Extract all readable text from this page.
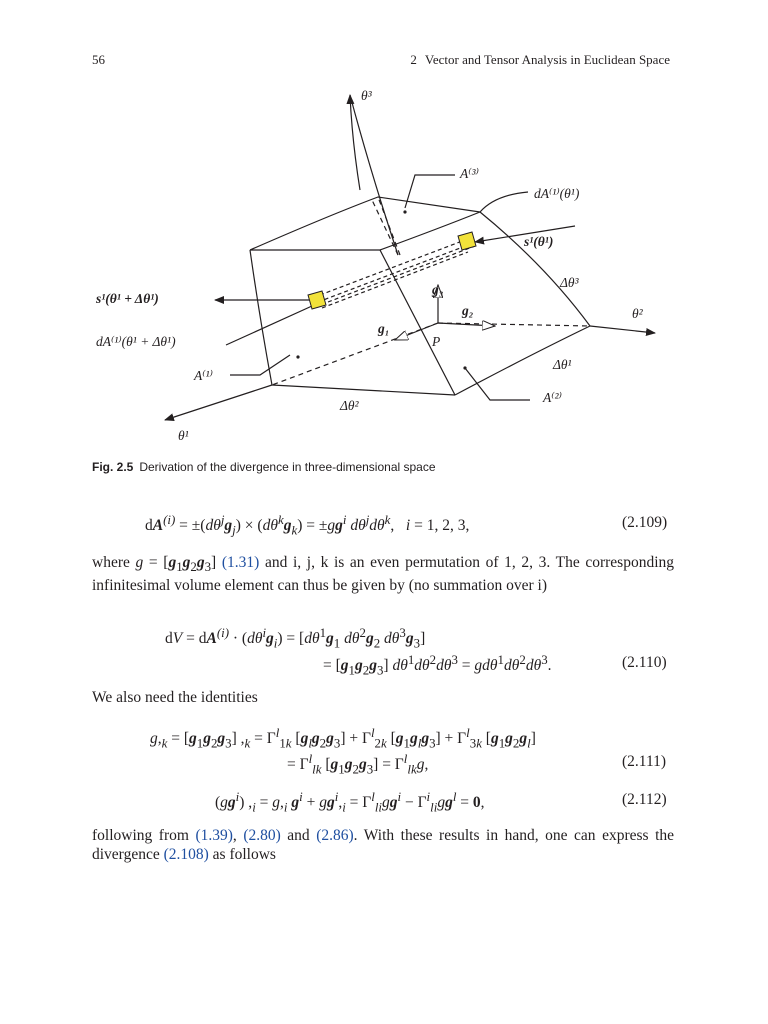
56	2 Vector and Tensor Analysis in Euclidean Space
θ³
A⁽³⁾
dA⁽¹⁾(θ¹)
s¹(θ¹)
Δθ³
s¹(θ¹ + Δθ¹)
g₃
g₂	θ²
g₁
dA⁽¹⁾(θ¹ + Δθ¹)	P
Δθ¹
A⁽¹⁾
A⁽²⁾
Δθ²
θ¹
Fig. 2.5 Derivation of the divergence in three-dimensional space
$dA^{(i)} = \pm(d\theta^jg_j) \times (d\theta^kg_k) = \pm gg^i$ $d\theta^jd\theta^k$,   i = 1, 2, 3,	(2.109)
where $g = [g_1g_2g_3]$ (1.31) and i, j, k is an even permutation of 1, 2, 3. The corresponding infinitesimal volume element can thus be given by (no summation over i)
dV = $dA^{(i)} \cdot (d\theta^ig_i) = [d\theta^1g_1$ $d\theta^2g_2$ $d\theta^3g_3$]
= $[g_1g_2g_3] d\theta^1d\theta^2d\theta^3 = gd\theta^1d\theta^2d\theta^3$.	(2.110)
We also need the identities
$g,_k = [g_1g_2g_3] ,_k = \Gamma^l_{1k}$ $[g_lg_2g_3] + \Gamma^l_{2k}$ $[g_1g_lg_3] + \Gamma^l_{3k}$ $[g_1g_2g_l]$
= $\Gamma^l_{lk}$ $[g_1g_2g_3] = \Gamma^l_{lk}g$,	(2.111)
$(gg^i) ,_i = g,_i$ $g^i + gg^i,_i = \Gamma^l_{li}gg^i - \Gamma^i_{li}gg^l = 0$,	(2.112)
following from (1.39), (2.80) and (2.86). With these results in hand, one can express the divergence (2.108) as follows
